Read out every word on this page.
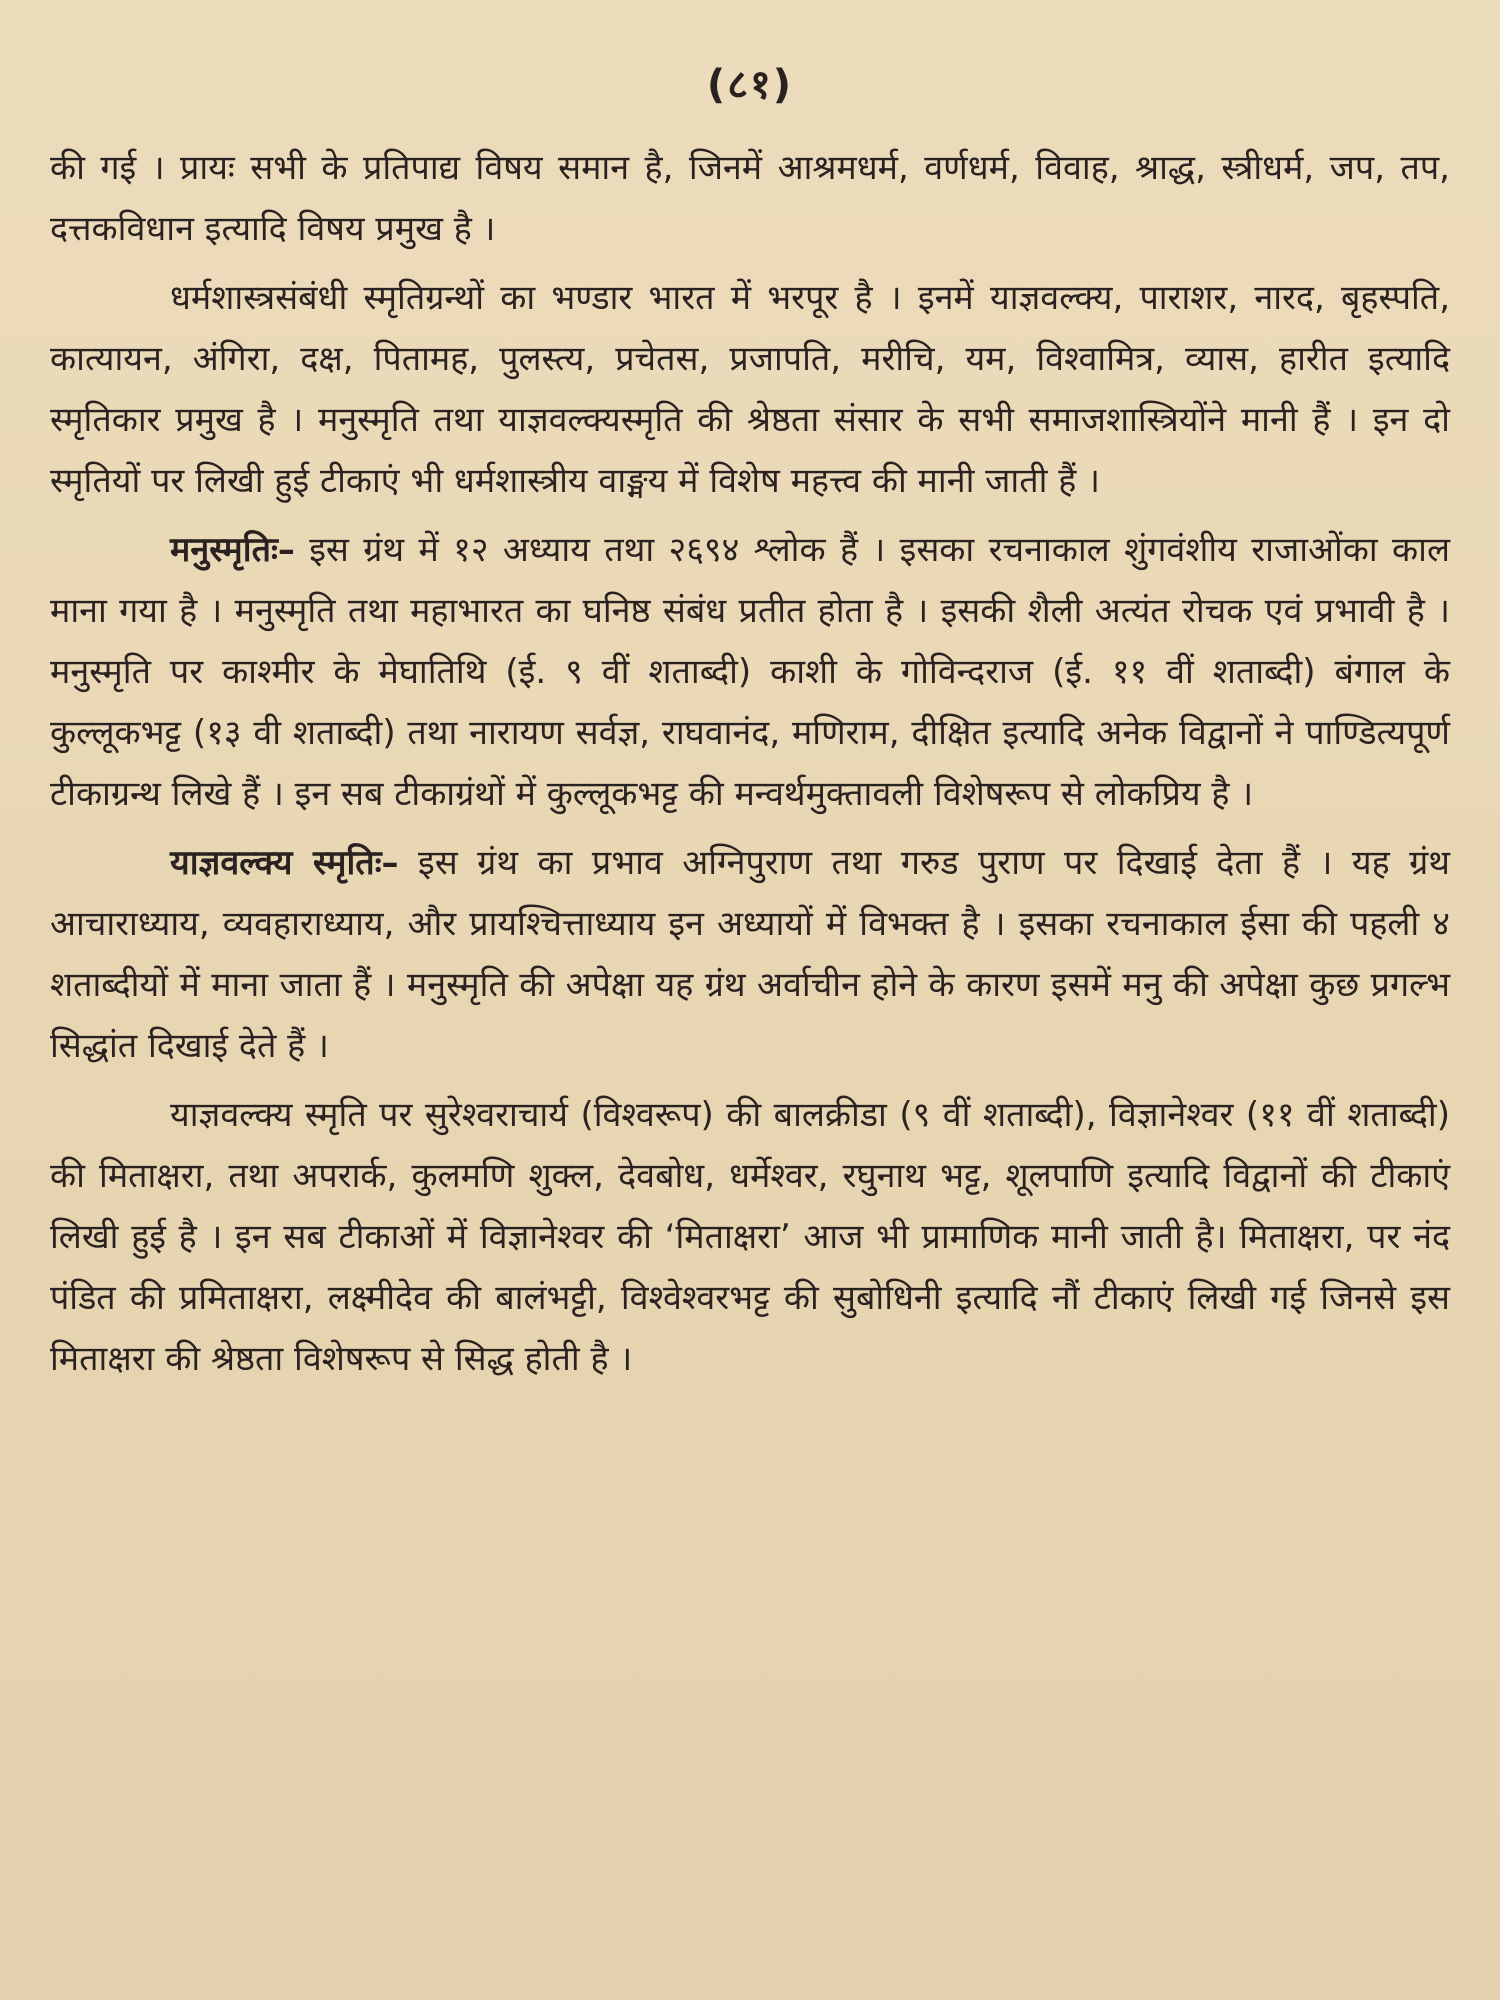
(८१)

की गई । प्रायः सभी के प्रतिपाद्य विषय समान है, जिनमें आश्रमधर्म, वर्णधर्म, विवाह, श्राद्ध, स्त्रीधर्म, जप, तप, दत्तकविधान इत्यादि विषय प्रमुख है ।

धर्मशास्त्रसंबंधी स्मृतिग्रन्थों का भण्डार भारत में भरपूर है । इनमें याज्ञवल्क्य, पाराशर, नारद, बृहस्पति, कात्यायन, अंगिरा, दक्ष, पितामह, पुलस्त्य, प्रचेतस, प्रजापति, मरीचि, यम, विश्वामित्र, व्यास, हारीत इत्यादि स्मृतिकार प्रमुख है । मनुस्मृति तथा याज्ञवल्क्यस्मृति की श्रेष्ठता संसार के सभी समाजशास्त्रियोंने मानी हैं । इन दो स्मृतियों पर लिखी हुई टीकाएं भी धर्मशास्त्रीय वाङ्मय में विशेष महत्त्व की मानी जाती हैं ।

मनुस्मृतिः– इस ग्रंथ में १२ अध्याय तथा २६९४ श्लोक हैं । इसका रचनाकाल शुंगवंशीय राजाओंका काल माना गया है । मनुस्मृति तथा महाभारत का घनिष्ठ संबंध प्रतीत होता है । इसकी शैली अत्यंत रोचक एवं प्रभावी है । मनुस्मृति पर काश्मीर के मेघातिथि (ई. ९ वीं शताब्दी) काशी के गोविन्दराज (ई. ११ वीं शताब्दी) बंगाल के कुल्लूकभट्ट (१३ वी शताब्दी) तथा नारायण सर्वज्ञ, राघवानंद, मणिराम, दीक्षित इत्यादि अनेक विद्वानों ने पाण्डित्यपूर्ण टीकाग्रन्थ लिखे हैं । इन सब टीकाग्रंथों में कुल्लूकभट्ट की मन्वर्थमुक्तावली विशेषरूप से लोकप्रिय है ।

याज्ञवल्क्य स्मृतिः– इस ग्रंथ का प्रभाव अग्निपुराण तथा गरुड पुराण पर दिखाई देता हैं । यह ग्रंथ आचाराध्याय, व्यवहाराध्याय, और प्रायश्चित्ताध्याय इन अध्यायों में विभक्त है । इसका रचनाकाल ईसा की पहली ४ शताब्दीयों में माना जाता हैं । मनुस्मृति की अपेक्षा यह ग्रंथ अर्वाचीन होने के कारण इसमें मनु की अपेक्षा कुछ प्रगल्भ सिद्धांत दिखाई देते हैं ।

याज्ञवल्क्य स्मृति पर सुरेश्वराचार्य (विश्वरूप) की बालक्रीडा (९ वीं शताब्दी), विज्ञानेश्वर (११ वीं शताब्दी) की मिताक्षरा, तथा अपरार्क, कुलमणि शुक्ल, देवबोध, धर्मेश्वर, रघुनाथ भट्ट, शूलपाणि इत्यादि विद्वानों की टीकाएं लिखी हुई है । इन सब टीकाओं में विज्ञानेश्वर की ‘मिताक्षरा’ आज भी प्रामाणिक मानी जाती है। मिताक्षरा, पर नंद पंडित की प्रमिताक्षरा, लक्ष्मीदेव की बालंभट्टी, विश्वेश्वरभट्ट की सुबोधिनी इत्यादि नौं टीकाएं लिखी गई जिनसे इस मिताक्षरा की श्रेष्ठता विशेषरूप से सिद्ध होती है ।
